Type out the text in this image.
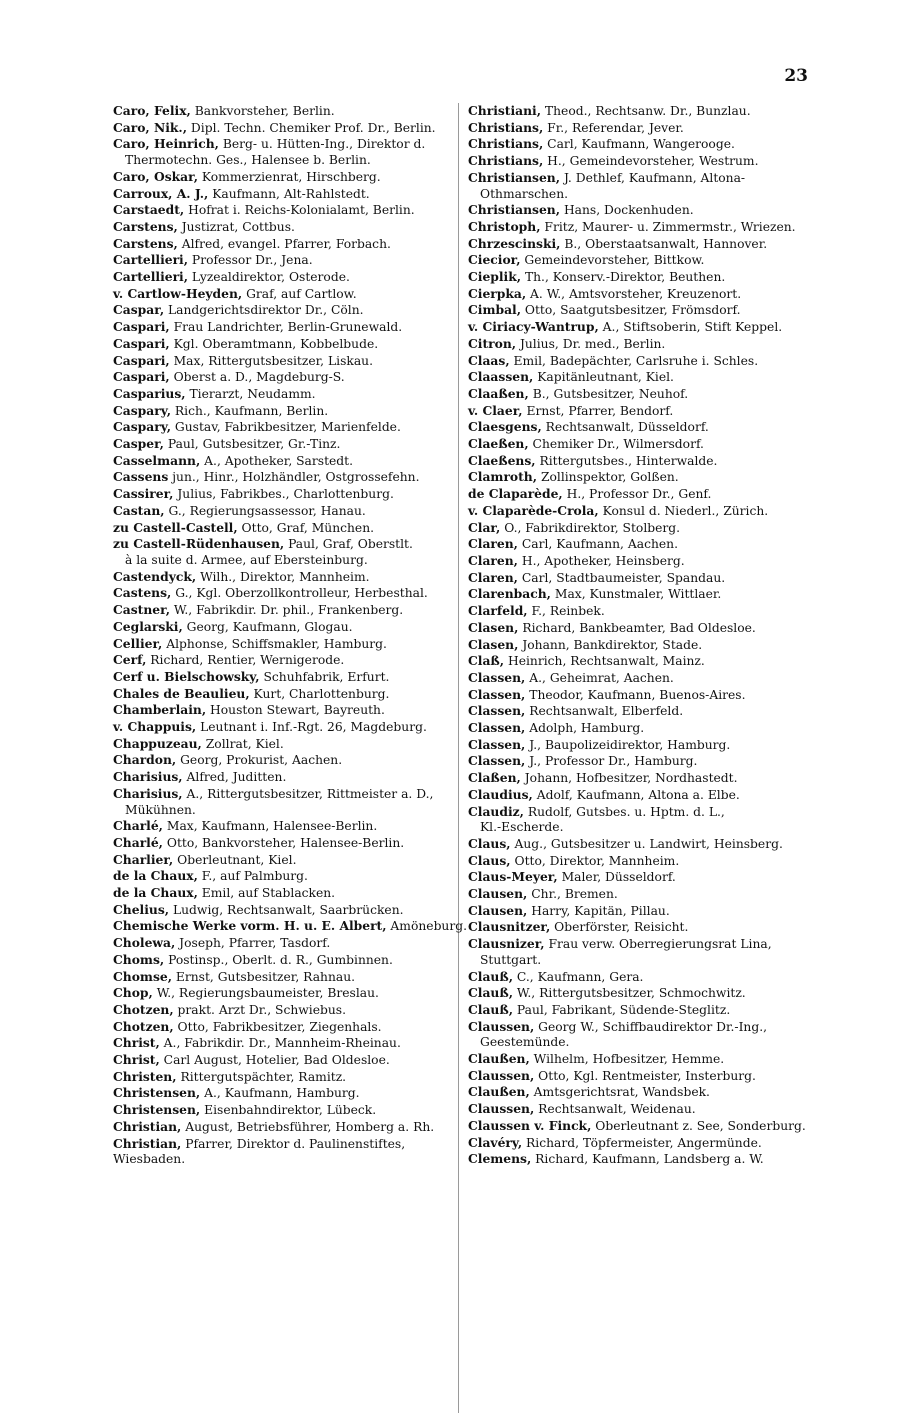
23
Caro, Felix, Bankvorsteher, Berlin.
Caro, Nik., Dipl. Techn. Chemiker Prof. Dr., Berlin.
Caro, Heinrich, Berg- u. Hütten-Ing., Direktor d.
Thermotechn. Ges., Halensee b. Berlin.
Caro, Oskar, Kommerzienrat, Hirschberg.
Carroux, A. J., Kaufmann, Alt-Rahlstedt.
Carstaedt, Hofrat i. Reichs-Kolonialamt, Berlin.
Carstens, Justizrat, Cottbus.
Carstens, Alfred, evangel. Pfarrer, Forbach.
Cartellieri, Professor Dr., Jena.
Cartellieri, Lyzealdirektor, Osterode.
v. Cartlow-Heyden, Graf, auf Cartlow.
Caspar, Landgerichtsdirektor Dr., Cöln.
Caspari, Frau Landrichter, Berlin-Grunewald.
Caspari, Kgl. Oberamtmann, Kobbelbude.
Caspari, Max, Rittergutsbesitzer, Liskau.
Caspari, Oberst a. D., Magdeburg-S.
Casparius, Tierarzt, Neudamm.
Caspary, Rich., Kaufmann, Berlin.
Caspary, Gustav, Fabrikbesitzer, Marienfelde.
Casper, Paul, Gutsbesitzer, Gr.-Tinz.
Casselmann, A., Apotheker, Sarstedt.
Cassens jun., Hinr., Holzhändler, Ostgrossefehn.
Cassirer, Julius, Fabrikbes., Charlottenburg.
Castan, G., Regierungsassessor, Hanau.
zu Castell-Castell, Otto, Graf, München.
zu Castell-Rüdenhausen, Paul, Graf, Oberstlt.
à la suite d. Armee, auf Ebersteinburg.
Castendyck, Wilh., Direktor, Mannheim.
Castens, G., Kgl. Oberzollkontrolleur, Herbesthal.
Castner, W., Fabrikdir. Dr. phil., Frankenberg.
Ceglarski, Georg, Kaufmann, Glogau.
Cellier, Alphonse, Schiffsmakler, Hamburg.
Cerf, Richard, Rentier, Wernigerode.
Cerf u. Bielschowsky, Schuhfabrik, Erfurt.
Chales de Beaulieu, Kurt, Charlottenburg.
Chamberlain, Houston Stewart, Bayreuth.
v. Chappuis, Leutnant i. Inf.-Rgt. 26, Magdeburg.
Chappuzeau, Zollrat, Kiel.
Chardon, Georg, Prokurist, Aachen.
Charisius, Alfred, Juditten.
Charisius, A., Rittergutsbesitzer, Rittmeister a. D.,
Mükühnen.
Charlé, Max, Kaufmann, Halensee-Berlin.
Charlé, Otto, Bankvorsteher, Halensee-Berlin.
Charlier, Oberleutnant, Kiel.
de la Chaux, F., auf Palmburg.
de la Chaux, Emil, auf Stablacken.
Chelius, Ludwig, Rechtsanwalt, Saarbrücken.
Chemische Werke vorm. H. u. E. Albert, Amöneburg.
Cholewa, Joseph, Pfarrer, Tasdorf.
Choms, Postinsp., Oberlt. d. R., Gumbinnen.
Chomse, Ernst, Gutsbesitzer, Rahnau.
Chop, W., Regierungsbaumeister, Breslau.
Chotzen, prakt. Arzt Dr., Schwiebus.
Chotzen, Otto, Fabrikbesitzer, Ziegenhals.
Christ, A., Fabrikdir. Dr., Mannheim-Rheinau.
Christ, Carl August, Hotelier, Bad Oldesloe.
Christen, Rittergutspächter, Ramitz.
Christensen, A., Kaufmann, Hamburg.
Christensen, Eisenbahndirektor, Lübeck.
Christian, August, Betriebsführer, Homberg a. Rh.
Christian, Pfarrer, Direktor d. Paulinenstiftes,
Wiesbaden.
Christiani, Theod., Rechtsanw. Dr., Bunzlau.
Christians, Fr., Referendar, Jever.
Christians, Carl, Kaufmann, Wangerooge.
Christians, H., Gemeindevorsteher, Westrum.
Christiansen, J. Dethlef, Kaufmann, Altona-
Othmarschen.
Christiansen, Hans, Dockenhuden.
Christoph, Fritz, Maurer- u. Zimmermstr., Wriezen.
Chrzescinski, B., Oberstaatsanwalt, Hannover.
Ciecior, Gemeindevorsteher, Bittkow.
Cieplik, Th., Konserv.-Direktor, Beuthen.
Cierpka, A. W., Amtsvorsteher, Kreuzenort.
Cimbal, Otto, Saatgutsbesitzer, Frömsdorf.
v. Ciriacy-Wantrup, A., Stiftsoberin, Stift Keppel.
Citron, Julius, Dr. med., Berlin.
Claas, Emil, Badepächter, Carlsruhe i. Schles.
Claassen, Kapitänleutnant, Kiel.
Claaßen, B., Gutsbesitzer, Neuhof.
v. Claer, Ernst, Pfarrer, Bendorf.
Claesgens, Rechtsanwalt, Düsseldorf.
Claeßen, Chemiker Dr., Wilmersdorf.
Claeßens, Rittergutsbes., Hinterwalde.
Clamroth, Zollinspektor, Golßen.
de Claparède, H., Professor Dr., Genf.
v. Claparède-Crola, Konsul d. Niederl., Zürich.
Clar, O., Fabrikdirektor, Stolberg.
Claren, Carl, Kaufmann, Aachen.
Claren, H., Apotheker, Heinsberg.
Claren, Carl, Stadtbaumeister, Spandau.
Clarenbach, Max, Kunstmaler, Wittlaer.
Clarfeld, F., Reinbek.
Clasen, Richard, Bankbeamter, Bad Oldesloe.
Clasen, Johann, Bankdirektor, Stade.
Claß, Heinrich, Rechtsanwalt, Mainz.
Classen, A., Geheimrat, Aachen.
Classen, Theodor, Kaufmann, Buenos-Aires.
Classen, Rechtsanwalt, Elberfeld.
Classen, Adolph, Hamburg.
Classen, J., Baupolizeidirektor, Hamburg.
Classen, J., Professor Dr., Hamburg.
Claßen, Johann, Hofbesitzer, Nordhastedt.
Claudius, Adolf, Kaufmann, Altona a. Elbe.
Claudiz, Rudolf, Gutsbes. u. Hptm. d. L.,
Kl.-Escherde.
Claus, Aug., Gutsbesitzer u. Landwirt, Heinsberg.
Claus, Otto, Direktor, Mannheim.
Claus-Meyer, Maler, Düsseldorf.
Clausen, Chr., Bremen.
Clausen, Harry, Kapitän, Pillau.
Clausnitzer, Oberförster, Reisicht.
Clausnizer, Frau verw. Oberregierungsrat Lina,
Stuttgart.
Clauß, C., Kaufmann, Gera.
Clauß, W., Rittergutsbesitzer, Schmochwitz.
Clauß, Paul, Fabrikant, Südende-Steglitz.
Claussen, Georg W., Schiffbaudirektor Dr.-Ing.,
Geestemünde.
Claußen, Wilhelm, Hofbesitzer, Hemme.
Claussen, Otto, Kgl. Rentmeister, Insterburg.
Claußen, Amtsgerichtsrat, Wandsbek.
Claussen, Rechtsanwalt, Weidenau.
Claussen v. Finck, Oberleutnant z. See, Sonderburg.
Clavéry, Richard, Töpfermeister, Angermünde.
Clemens, Richard, Kaufmann, Landsberg a. W.
